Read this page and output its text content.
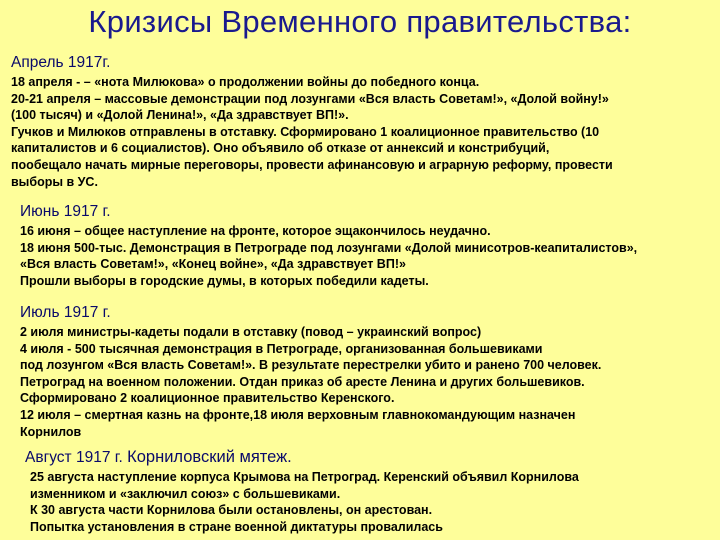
Кризисы Временного правительства:
Апрель 1917г.
18 апреля - – «нота Милюкова» о продолжении войны до победного конца.
20-21 апреля – массовые демонстрации под лозунгами «Вся власть Советам!», «Долой войну!»
(100 тысяч) и «Долой Ленина!», «Да здравствует ВП!».
Гучков и Милюков отправлены в отставку. Сформировано 1 коалиционное правительство (10
капиталистов и 6 социалистов). Оно объявило об отказе от аннексий и констрибуций,
пообещало начать мирные переговоры, провести афинансовую и аграрную реформу, провести
выборы в УС.
Июнь 1917 г.
16 июня – общее наступление на фронте, которое эщакончилось неудачно.
18 июня 500-тыс. Демонстрация в Петрограде под лозунгами «Долой минисотров-кеапиталистов»,
«Вся власть Советам!», «Конец войне», «Да здравствует ВП!»
Прошли выборы в городские думы, в которых победили кадеты.
Июль 1917 г.
2 июля министры-кадеты подали в отставку (повод – украинский вопрос)
4 июля - 500 тысячная демонстрация в Петрограде, организованная большевиками
под лозунгом «Вся власть Советам!». В результате перестрелки убито и ранено 700 человек.
Петроград на военном положении. Отдан приказ об аресте Ленина и других большевиков.
Сформировано 2 коалиционное правительство Керенского.
12 июля – смертная казнь на фронте,18 июля верховным главнокомандующим назначен
Корнилов
Август 1917 г. Корниловский мятеж.
25 августа наступление корпуса Крымова на Петроград. Керенский объявил Корнилова
изменником и «заключил союз» с большевиками.
К 30 августа части Корнилова были остановлены, он арестован.
Попытка установления в стране военной диктатуры провалилась
